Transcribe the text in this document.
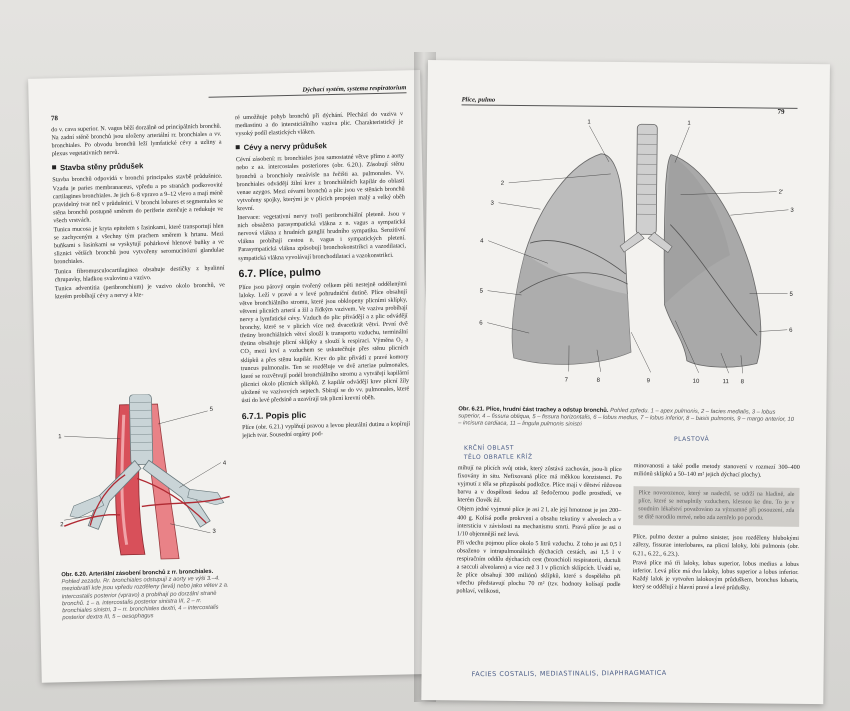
78
Dýchací systém, systema respiratorium

do v. cava superior. N. vagus běží dorzálně od principálních bronchů. Na zadní stěně bronchů jsou uloženy arteriální rr. bronchiales a vv. bronchiales. Po obvodu bronchů leží lymfatické cévy a uzliny a plexus vegetativních nervů.

Stavba stěny průdušek

Stavba bronchů odpovídá v bronchi principales stavbě průdušnice. Vzadu je paries membranaceus, vpředu a po stranách podkovovité cartilagines bronchiales. Je jich 6–8 vpravo a 9–12 vlevo a mají méně pravidelný tvar než v průdušnici. V bronchi lobares et segmentales se stěna bronchů postupně směrem do periferie ztenčuje a redukuje ve všech vrstvách.

Tunica mucosa je kryta epitelem s řasinkami, které transportují hlen se zachyceným a všechny tým prachem směrem k hrtanu. Mezi buňkami s řasinkami se vyskytují pohárkové hlenové buňky a ve sliznici větších bronchů jsou vytvořeny seromucinózní glandulae bronchiales.

Tunica fibromusculocartilaginea obsahuje destičky z hyalinní chrupavky, hladkou svalovinu a vazivo.

Tunica adventitia (peribronchium) je vazivo okolo bronchů, ve kterém probíhají cévy a nervy a kte-

ré umožňuje pohyb bronchů při dýchání. Přechází do vaziva v mediastinu a do intersticiálního vaziva plic. Charakteristický je vysoký podíl elastických vláken.

Cévy a nervy průdušek

Cévní zásobení: rr. bronchiales jsou samostatné větve přímo z aorty nebo z aa. intercostales posteriores (obr. 6.20.). Zásobují stěnu bronchů a bronchioly nezávisle na řečišti aa. pulmonales. Vv. bronchiales odvádějí žilní krev z bronchiálních kapilár do oblasti venae azygos. Mezi cévami bronchů a plic jsou ve stěnách bronchů vytvořeny spojky, kterými je v plicích propojen malý a velký oběh krevní.

Inervace: vegetativní nervy tvoří peribronchiální pleteně. Jsou v nich obsažena parasympatická vlákna z n. vagus a sympatická nervová vlákna z hrudních ganglií hrudního sympatiku. Senzitivní vlákna probíhají cestou n. vagus i sympatických pletení. Parasympatická vlákna způsobují bronchokonstrikci a vazodilataci, sympatická vlákna vyvolávají bronchodilataci a vazokonstrikci.

6.7. Plíce, pulmo

Plíce jsou párový orgán tvořený celkem pěti nestejně oddělenými laloky. Leží v pravé a v levé pohrudniční dutině. Plíce obsahují větve bronchiálního stromu, které jsou obklopeny plicními sklípky, větveni plicních arterií a žil a řídkým vazivem. Ve vazivu probíhají nervy a lymfatické cévy. Vzduch do plic přivádějí a z plic odvádějí bronchy, které se v plicích více než dvacetkrát větví. První dvě třetiny bronchiálních větví slouží k transportu vzduchu, terminální třetina obsahuje plicní sklípky a slouží k respiraci. Výměna O₂ a CO₂ mezi krví a vzduchem se uskutečňuje přes stěnu plicních sklípků a přes stěnu kapilár. Krev do plic přivádí z pravé komory truncus pulmonalis. Ten se rozděluje ve dvě arteriae pulmonales, které se rozvětvují podél bronchiálního stromu a vytvářejí kapilární plicnici okolo plicních sklípků. Z kapilár odvádějí krev plicní žíly uložené ve vazivových septech. Sbírají se do vv. pulmonales, které ústí do levé předsíně a uzavírají tak plicní krevní oběh.

6.7.1. Popis plic

Plíce (obr. 6.21.) vyplňují pravou a levou pleurální dutinu a kopírují jejich tvar. Sousední orgány pod-

1
2
3
4
5
Obr. 6.20. Arteriální zásobení bronchů z rr. bronchiales. Pohled zezadu. Rr. bronchiales odstupují z aorty ve výši 3.–4. meziobratlí kde jsou vpředu rozděleny (levá) nebo jako větev z a. intercostalis posterior (vpravo) a probíhají po dorzální straně bronchů. 1 – a. intercostalis posterior sinistra III, 2 – rr. bronchiales sinistri, 3 – rr. bronchiales dextri, 4 – intercostalis posterior dextra III, 5 – oesophagus
Plíce, pulmo
79
1	1
2
2'
3
3
4
5
5
6
6
7	8	9	10	11 8
Obr. 6.21. Plíce, hrudní část trachey a odstup bronchů. Pohled zpředu. 1 – apex pulmonis, 2 – facies medialis, 3 – lobus superior, 4 – fissura obliqua, 5 – fissura horizontalis, 6 – lobus medius, 7 – lobus inferior, 8 – basis pulmonis, 9 – margo anterior, 10 – incisura cardiaca, 11 – lingula pulmonis sinistri
KRČNÍ OBLAST
TĚLO OBRATLE KŘÍŽ
PLASTOVÁ

mihují na plicích svůj otisk, který zůstává zachován, jsou-li plíce fixovány in situ. Nefixovaná plíce má měkkou konzistenci. Po vyjmutí z těla se přizpůsobí podložce. Plíce mají v dětství růžovou barvu a v dospělosti šedou až šedočernou podle prostředí, ve kterém člověk žil.

Objem jedné vyjmuté plíce je asi 2 l, ale její hmotnost je jen 200–400 g. Kolísá podle prokrvení a obsahu tekutiny v alveolech a v intersticiu v závislosti na mechanismu smrti. Pravá plíce je asi o 1/10 objemnější než levá.

Při vdechu pojmou plíce okolo 5 litrů vzduchu. Z toho je asi 0,5 l obsaženo v intrapulmonálních dýchacích cestách, asi 1,5 l v respiračním oddílu dýchacích cest (bronchioli respiratorii, ductuli a sacculi alveolares) a více než 3 l v plicních sklípcích. Uvádí se, že plíce obsahují 300 miliónů sklípků, které s dospělého při vdechu představují plochu 70 m² (tzv. hodnoty kolísají podle pohlaví, velikosti,

minovanosti a také podle metody stanovení v rozmezí 300–400 miliónů sklípků a 50–140 m² jejich dýchací plochy).

Plíce novorozence, který se nadechl, se udrží na hladině, ale plíce, které se nenaplnily vzduchem, klesnou ke dnu. To je v soudním lékařství považováno za významné při posouzení, zda se dítě narodilo mrtvé, nebo zda zemřelo po porodu.

Plíce, pulmo dexter a pulmo sinister, jsou rozděleny hlubokými zářezy, fissurae interlobares, na plicní laloky, lobi pulmonis (obr. 6.21., 6.22., 6.23.).

Pravá plíce má tři laloky, lobus superior, lobus medius a lobus inferior. Levá plíce má dva laloky, lobus superior a lobus inferior. Každý lalok je vytvořen lalokovým průduškem, bronchus lobaris, který se oddělují z hlavní pravé a levé průdušky.

FACIES COSTALIS, MEDIASTINALIS, DIAPHRAGMATICA
